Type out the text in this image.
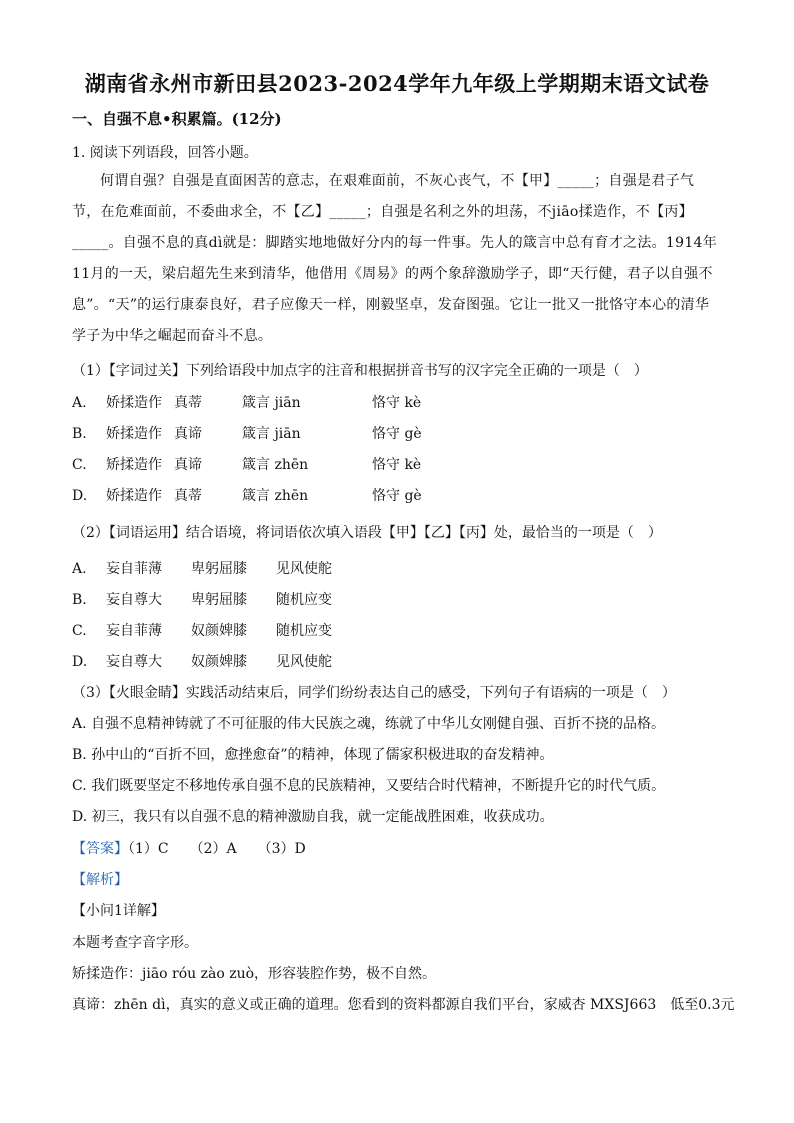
湖南省永州市新田县2023-2024学年九年级上学期期末语文试卷
一、自强不息•积累篇。(12分)
1. 阅读下列语段，回答小题。
何谓自强？自强是直面困苦的意志，在艰难面前，不灰心丧气，不【甲】_____；自强是君子气节，在危难面前，不委曲求全，不【乙】_____；自强是名利之外的坦荡，不jiāo揉造作，不【丙】_____。自强不息的真dì就是：脚踏实地地做好分内的每一件事。先人的箴言中总有育才之法。1914年11月的一天，梁启超先生来到清华，他借用《周易》的两个象辞激励学子，即“天行健，君子以自强不息”。“天”的运行康泰良好，君子应像天一样，刚毅坚卓，发奋图强。它让一批又一批恪守本心的清华学子为中华之崛起而奋斗不息。
（1）【字词过关】下列给语段中加点字的注音和根据拼音书写的汉字完全正确的一项是（　）
A. 娇揉造作 真蒂	箴言 jiān	恪守 kè
B. 娇揉造作 真谛	箴言 jiān	恪守 gè
C. 矫揉造作 真谛	箴言 zhēn	恪守 kè
D. 娇揉造作 真蒂	箴言 zhēn	恪守 gè
（2）【词语运用】结合语境，将词语依次填入语段【甲】【乙】【丙】处，最恰当的一项是（　）
A. 妄自菲薄 卑躬屈膝 见风使舵
B. 妄自尊大 卑躬屈膝 随机应变
C. 妄自菲薄 奴颜婢膝 随机应变
D. 妄自尊大 奴颜婢膝 见风使舵
（3）【火眼金睛】实践活动结束后，同学们纷纷表达自己的感受，下列句子有语病的一项是（　）
A. 自强不息精神铸就了不可征服的伟大民族之魂，练就了中华儿女刚健自强、百折不挠的品格。
B. 孙中山的“百折不回，愈挫愈奋”的精神，体现了儒家积极进取的奋发精神。
C. 我们既要坚定不移地传承自强不息的民族精神，又要结合时代精神，不断提升它的时代气质。
D. 初三，我只有以自强不息的精神激励自我，就一定能战胜困难，收获成功。
【答案】（1）C　　（2）A　　（3）D
【解析】
【小问1详解】
本题考查字音字形。
矫揉造作：jiāo róu zào zuò，形容装腔作势，极不自然。
真谛：zhēn dì，真实的意义或正确的道理。您看到的资料都源自我们平台，家威杏 MXSJ663　低至0.3元
